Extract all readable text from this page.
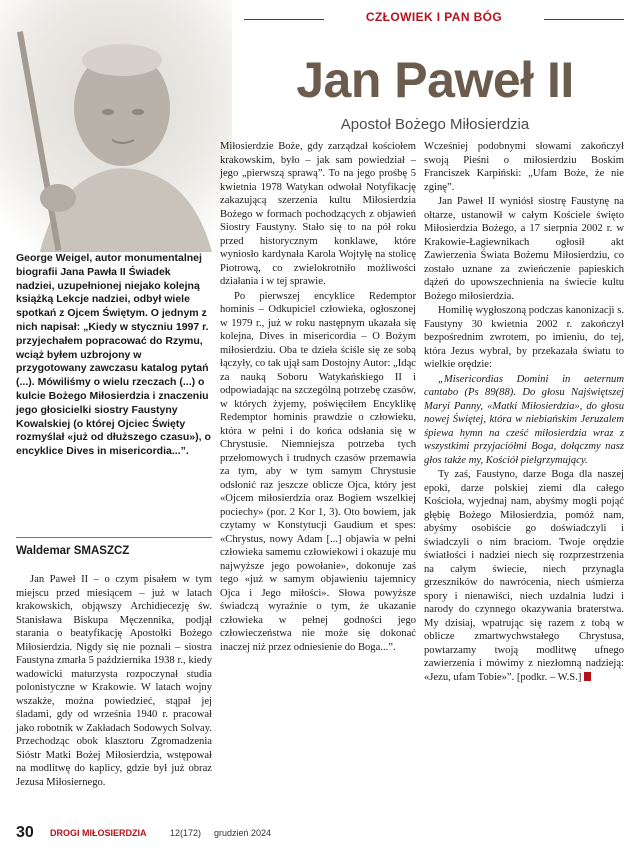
CZŁOWIEK I PAN BÓG
Jan Paweł II
Apostoł Bożego Miłosierdzia
George Weigel, autor monumentalnej biografii Jana Pawła II Świadek nadziei, uzupełnionej niejako kolejną książką Lekcje nadziei, odbył wiele spotkań z Ojcem Świętym. O jednym z nich napisał: „Kiedy w styczniu 1997 r. przyjechałem popracować do Rzymu, wciąż byłem uzbrojony w przygotowany zawczasu katalog pytań (...). Mówiliśmy o wielu rzeczach (...) o kulcie Bożego Miłosierdzia i znaczeniu jego głosicielki siostry Faustyny Kowalskiej (o której Ojciec Święty rozmyślał «już od dłuższego czasu»), o encyklice Dives in misericordia...”.
Waldemar SMASZCZ

Jan Paweł II – o czym pisałem w tym miejscu przed miesiącem – już w latach krakowskich, objąwszy Archidiecezję św. Stanisława Biskupa Męczennika, podjął starania o beatyfikację Apostołki Bożego Miłosierdzia. Nigdy się nie poznali – siostra Faustyna zmarła 5 października 1938 r., kiedy wadowicki maturzysta rozpoczynał studia polonistyczne w Krakowie. W latach wojny wszakże, można powiedzieć, stąpał jej śladami, gdy od września 1940 r. pracował jako robotnik w Zakładach Sodowych Solvay. Przechodząc obok klasztoru Zgromadzenia Sióstr Matki Bożej Miłosierdzia, wstępował na modlitwę do kaplicy, gdzie był już obraz Jezusa Miłosiernego.

Miłosierdzie Boże, gdy zarządzał kościołem krakowskim, było – jak sam powiedział – jego „pierwszą sprawą”. To na jego prośbę 5 kwietnia 1978 Watykan odwołał Notyfikację zakazującą szerzenia kultu Miłosierdzia Bożego w formach pochodzących z objawień Siostry Faustyny. Stało się to na pół roku przed historycznym konklawe, które wyniosło kardynała Karola Wojtyłę na stolicę Piotrową, co zwielokrotniło możliwości działania i w tej sprawie.

Po pierwszej encyklice Redemptor hominis – Odkupiciel człowieka, ogłoszonej w 1979 r., już w roku następnym ukazała się kolejna, Dives in misericordia – O Bożym miłosierdziu. Oba te dzieła ściśle się ze sobą łączyły, co tak ujął sam Dostojny Autor: „Idąc za nauką Soboru Watykańskiego II i odpowiadając na szczególną potrzebę czasów, w których żyjemy, poświęciłem Encyklikę Redemptor hominis prawdzie o człowieku, która w pełni i do końca odsłania się w Chrystusie. Niemniejsza potrzeba tych przełomowych i trudnych czasów przemawia za tym, aby w tym samym Chrystusie odsłonić raz jeszcze oblicze Ojca, który jest «Ojcem miłosierdzia oraz Bogiem wszelkiej pociechy» (por. 2 Kor 1, 3). Oto bowiem, jak czytamy w Konstytucji Gaudium et spes: «Chrystus, nowy Adam [...] objawia w pełni człowieka samemu człowiekowi i okazuje mu najwyższe jego powołanie», dokonuje zaś tego «już w samym objawieniu tajemnicy Ojca i Jego miłości». Słowa powyższe świadczą wyraźnie o tym, że ukazanie człowieka w pełnej godności jego człowieczeństwa nie może się dokonać inaczej niż przez odniesienie do Boga...”.

Wcześniej podobnymi słowami zakończył swoją Pieśni o miłosierdziu Boskim Franciszek Karpiński: „Ufam Boże, że nie zginę”.

Jan Paweł II wyniósł siostrę Faustynę na ołtarze, ustanowił w całym Kościele święto Miłosierdzia Bożego, a 17 sierpnia 2002 r. w Krakowie-Łagiewnikach ogłosił akt Zawierzenia Świata Bożemu Miłosierdziu, co zostało uznane za zwieńczenie papieskich dążeń do upowszechnienia na świecie kultu Bożego miłosierdzia.

Homilię wygłoszoną podczas kanonizacji s. Faustyny 30 kwietnia 2002 r. zakończył bezpośrednim zwrotem, po imieniu, do tej, która Jezus wybrał, by przekazała światu to wielkie orędzie:

„Misericordias Domini in aeternum cantabo (Ps 89(88). Do głosu Najświętszej Maryi Panny, «Matki Miłosierdzia», do głosu nowej Świętej, która w niebiańskim Jeruzalem śpiewa hymn na cześć miłosierdzia wraz z wszystkimi przyjaciółmi Boga, dołączmy nasz głos także my, Kościół pielgrzymujący.

Ty zaś, Faustyno, darze Boga dla naszej epoki, darze polskiej ziemi dla całego Kościoła, wyjednaj nam, abyśmy mogli pojąć głębię Bożego Miłosierdzia, pomóż nam, abyśmy osobiście go doświadczyli i świadczyli o nim braciom. Twoje orędzie światłości i nadziei niech się rozprzestrzenia na całym świecie, niech przynagla grzeszników do nawrócenia, niech uśmierza spory i nienawiści, niech uzdalnia ludzi i narody do czynnego okazywania braterstwa. My dzisiaj, wpatrując się razem z tobą w oblicze zmartwychwstałego Chrystusa, powtarzamy twoją modlitwę ufnego zawierzenia i mówimy z niezłomną nadzieją: «Jezu, ufam Tobie»”. [podkr. – W.S.]

30 DROGI MIŁOSIERDZIA	12(172) grudzień 2024
